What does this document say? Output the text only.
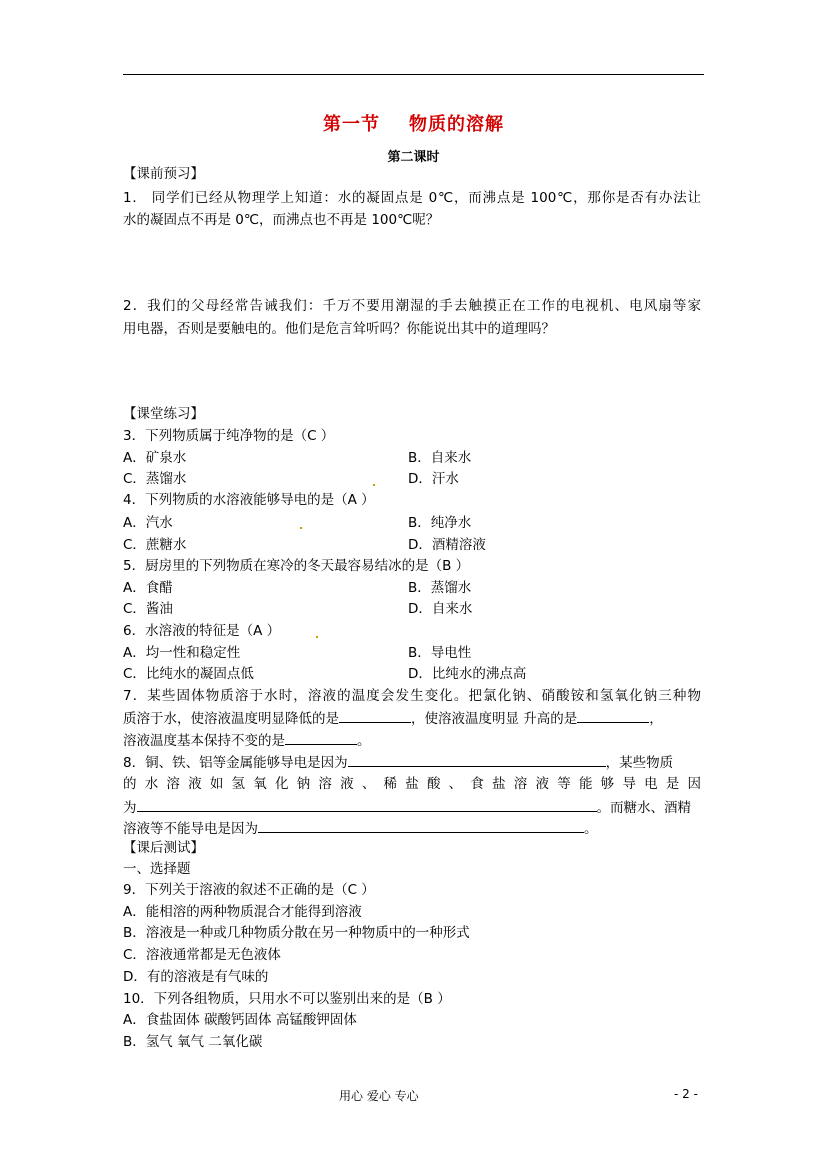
第一节    物质的溶解
第二课时
【课前预习】
1． 同学们已经从物理学上知道：水的凝固点是 0℃，而沸点是 100℃，那你是否有办法让
水的凝固点不再是 0℃，而沸点也不再是 100℃呢？
2．我们的父母经常告诫我们：千万不要用潮湿的手去触摸正在工作的电视机、电风扇等家
用电器，否则是要触电的。他们是危言耸听吗？你能说出其中的道理吗？
【课堂练习】
3．下列物质属于纯净物的是（C ）
A．矿泉水	B．自来水
C．蒸馏水	D．汗水
4．下列物质的水溶液能够导电的是（A ）
A．汽水	B．纯净水
C．蔗糖水	D．酒精溶液
5．厨房里的下列物质在寒冷的冬天最容易结冰的是（B ）
A．食醋	B．蒸馏水
C．酱油	D．自来水
6．水溶液的特征是（A ）
A．均一性和稳定性	B．导电性
C．比纯水的凝固点低	D．比纯水的沸点高
7．某些固体物质溶于水时，溶液的温度会发生变化。把氯化钠、硝酸铵和氢氧化钠三种物
质溶于水，使溶液温度明显降低的是	，使溶液温度明显 升高的是	，
溶液温度基本保持不变的是	。
8．铜、铁、铝等金属能够导电是因为	，某些物质
的水溶液如氢氧化钠溶液、稀盐酸、食盐溶液等能够导电是因
为	。而糖水、酒精
溶液等不能导电是因为	。
【课后测试】
一、选择题
9．下列关于溶液的叙述不正确的是（C ）
A．能相溶的两种物质混合才能得到溶液
B．溶液是一种或几种物质分散在另一种物质中的一种形式
C．溶液通常都是无色液体
D．有的溶液是有气味的
10．下列各组物质，只用水不可以鉴别出来的是（B ）
A．食盐固体 碳酸钙固体 高锰酸钾固体
B．氢气 氧气 二氧化碳
用心 爱心 专心	- 2 -
